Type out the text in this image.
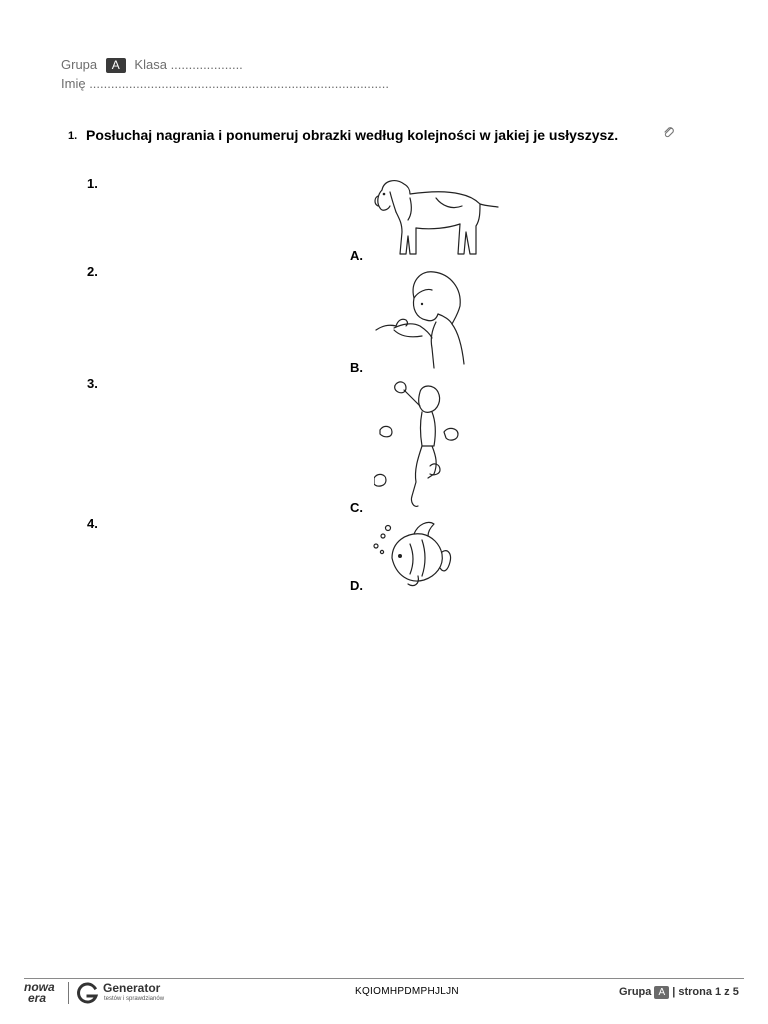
Grupa A Klasa ....................
Imię ...................................................................................
1. Posłuchaj nagrania i ponumeruj obrazki według kolejności w jakiej je usłyszysz.
1.
2.
3.
4.
A.
B.
C.
D.
nowa
era
Generator
testów i sprawdzianów
KQIOMHPDMPHJLJN	Grupa A | strona 1 z 5
